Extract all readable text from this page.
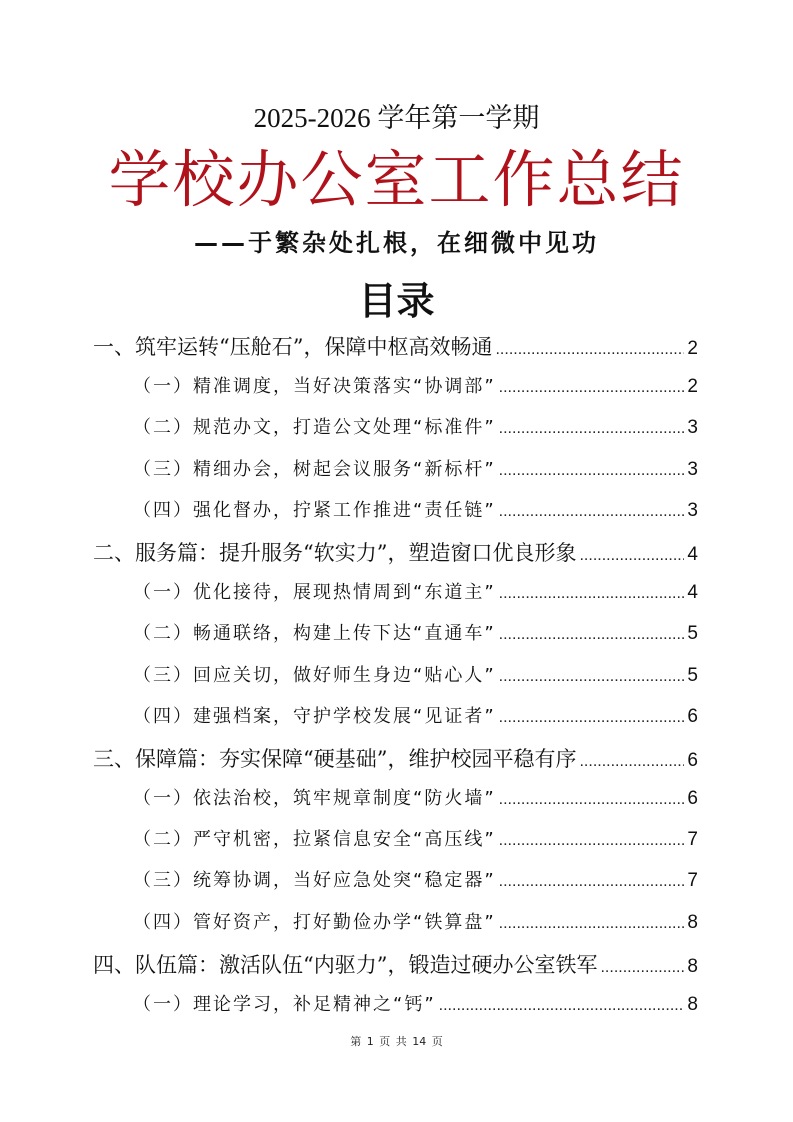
2025-2026 学年第一学期
学校办公室工作总结
——于繁杂处扎根，在细微中见功
目录
一、筑牢运转“压舱石”，保障中枢高效畅通 .....	2
（一）精准调度，当好决策落实“协调部” .....	2
（二）规范办文，打造公文处理“标准件” .....	3
（三）精细办会，树起会议服务“新标杆” .....	3
（四）强化督办，拧紧工作推进“责任链” .....	3
二、服务篇：提升服务“软实力”，塑造窗口优良形象 .....	4
（一）优化接待，展现热情周到“东道主” .....	4
（二）畅通联络，构建上传下达“直通车” .....	5
（三）回应关切，做好师生身边“贴心人” .....	5
（四）建强档案，守护学校发展“见证者” .....	6
三、保障篇：夯实保障“硬基础”，维护校园平稳有序 .....	6
（一）依法治校，筑牢规章制度“防火墙” .....	6
（二）严守机密，拉紧信息安全“高压线” .....	7
（三）统筹协调，当好应急处突“稳定器” .....	7
（四）管好资产，打好勤俭办学“铁算盘” .....	8
四、队伍篇：激活队伍“内驱力”，锻造过硬办公室铁军 .....	8
（一）理论学习，补足精神之“钙” .....	8
第 1 页 共 14 页
